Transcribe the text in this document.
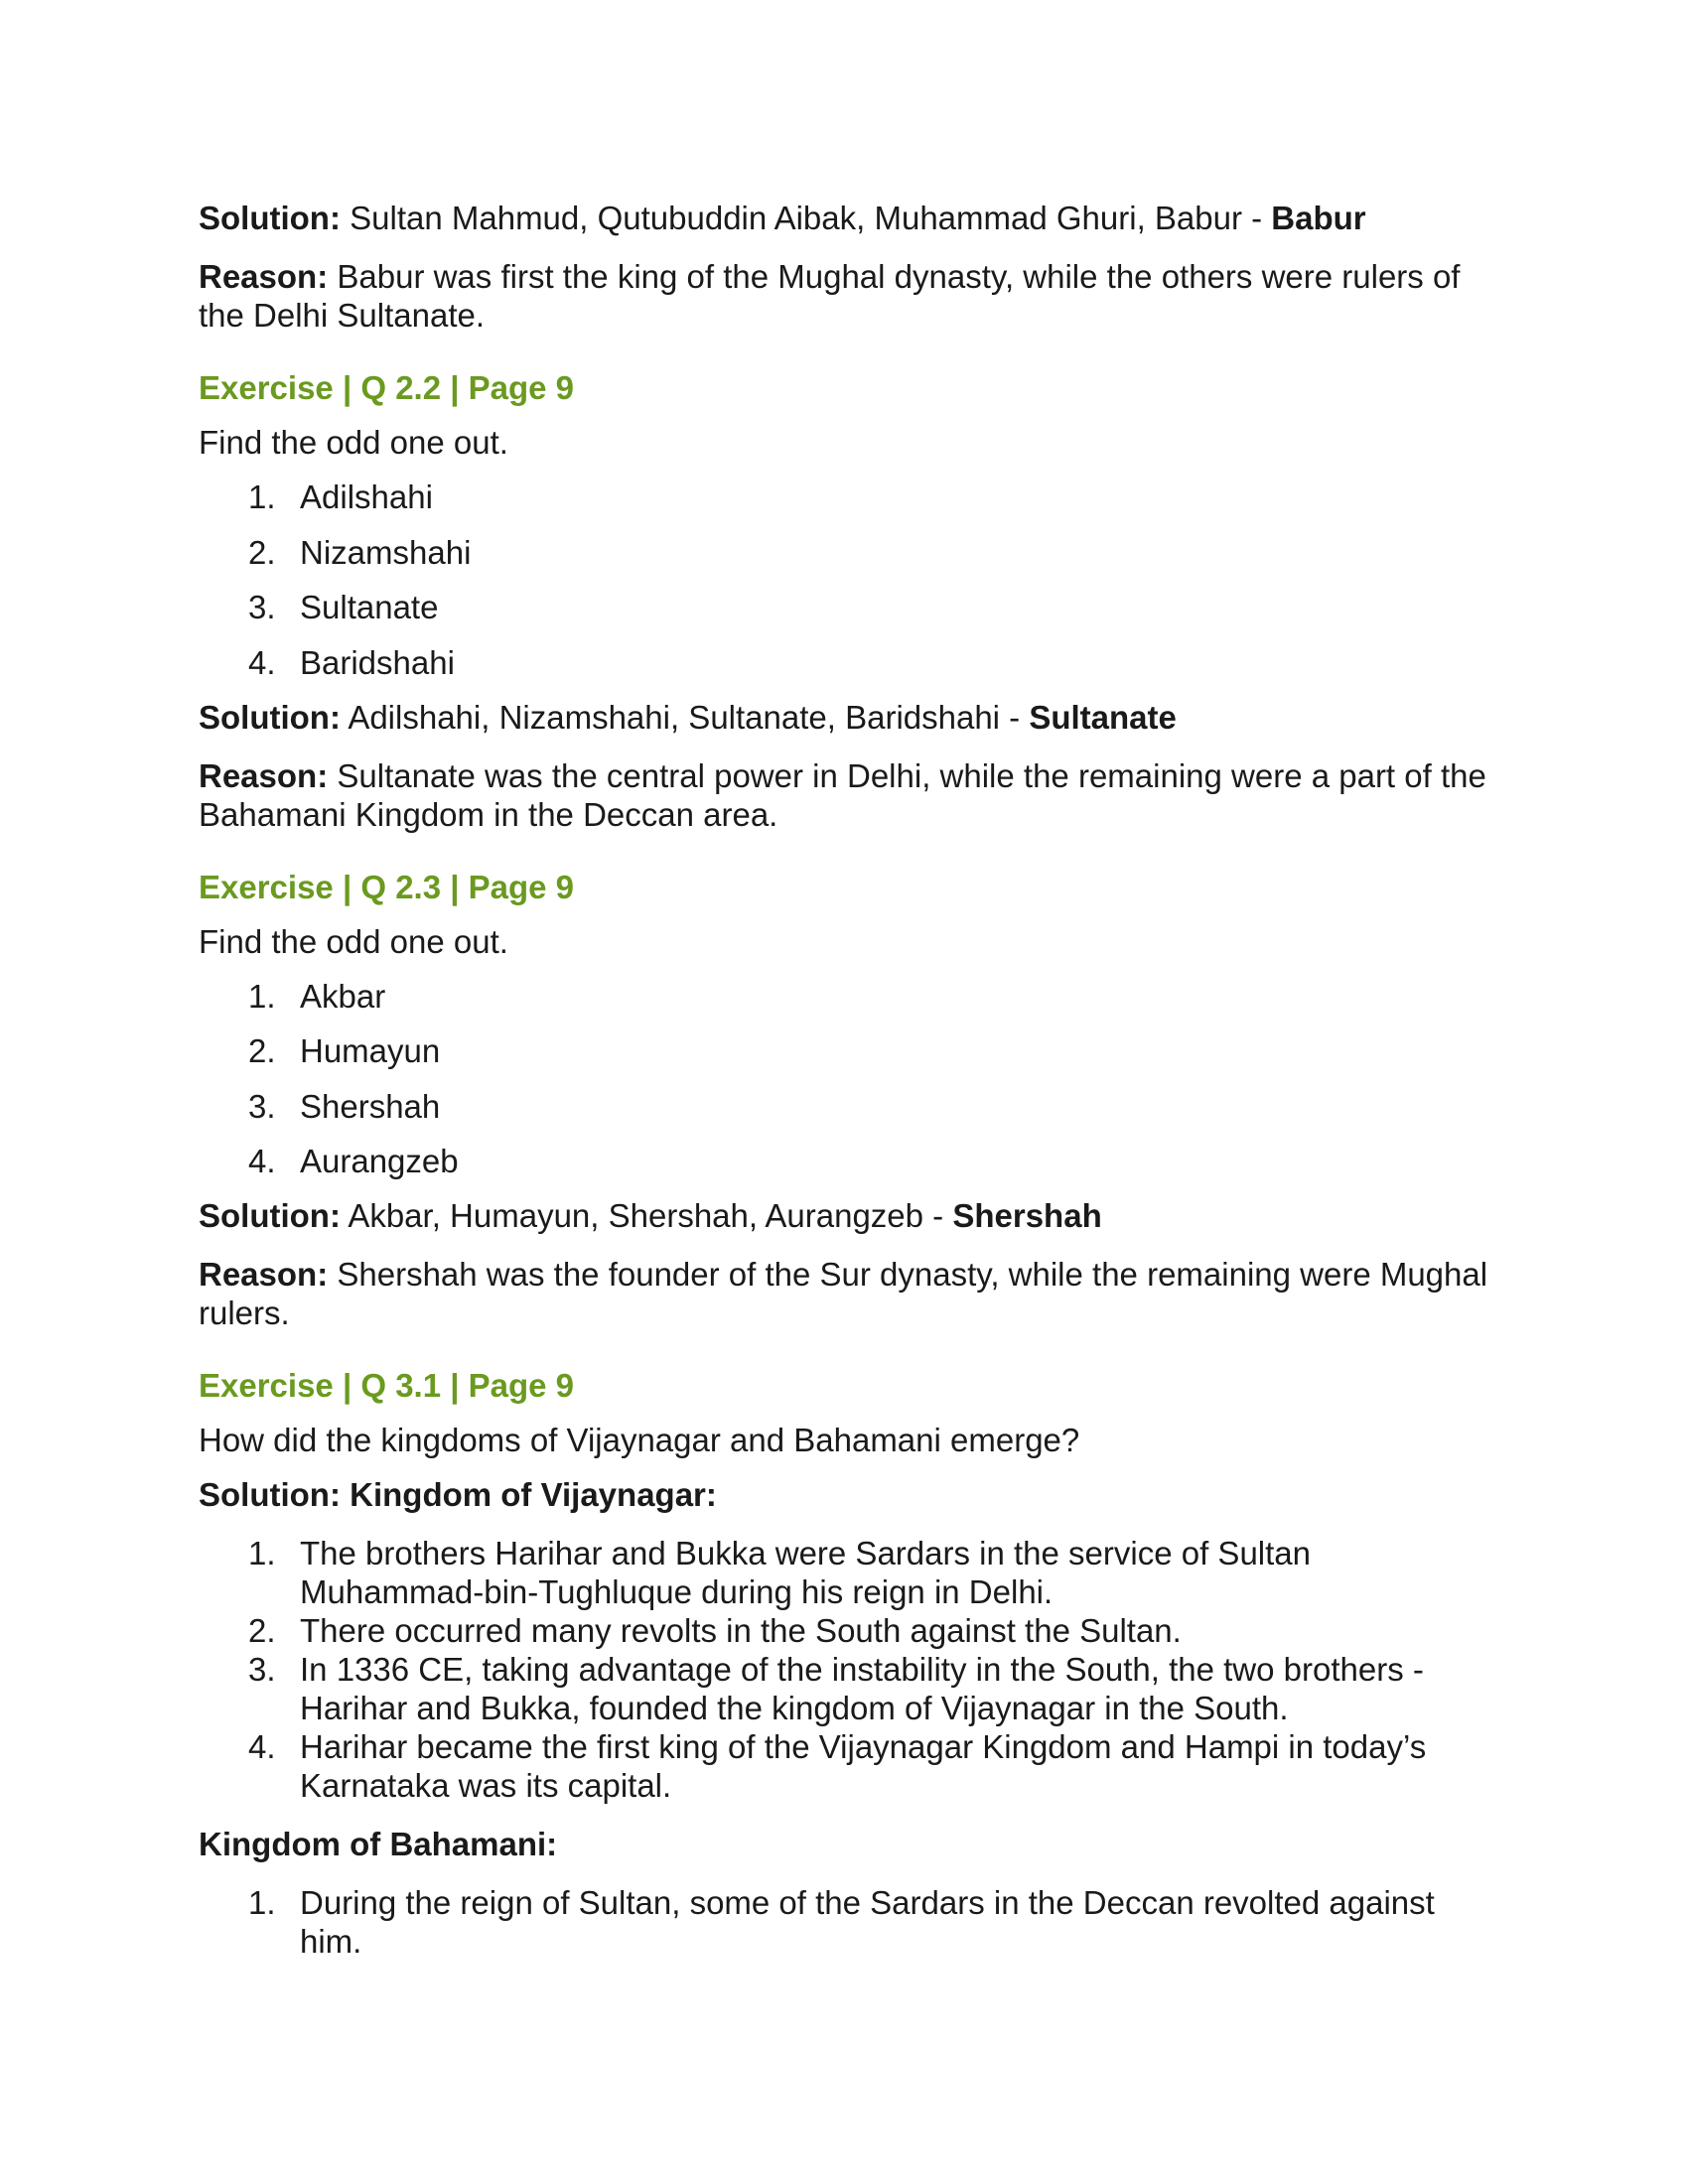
Solution: Sultan Mahmud, Qutubuddin Aibak, Muhammad Ghuri, Babur - Babur

Reason: Babur was first the king of the Mughal dynasty, while the others were rulers of the Delhi Sultanate.

Exercise | Q 2.2 | Page 9
Find the odd one out.
1. Adilshahi
2. Nizamshahi
3. Sultanate
4. Baridshahi

Solution: Adilshahi, Nizamshahi, Sultanate, Baridshahi - Sultanate

Reason: Sultanate was the central power in Delhi, while the remaining were a part of the Bahamani Kingdom in the Deccan area.

Exercise | Q 2.3 | Page 9
Find the odd one out.
1. Akbar
2. Humayun
3. Shershah
4. Aurangzeb

Solution: Akbar, Humayun, Shershah, Aurangzeb - Shershah

Reason: Shershah was the founder of the Sur dynasty, while the remaining were Mughal rulers.

Exercise | Q 3.1 | Page 9
How did the kingdoms of Vijaynagar and Bahamani emerge?
Solution: Kingdom of Vijaynagar:
1. The brothers Harihar and Bukka were Sardars in the service of Sultan Muhammad-bin-Tughluque during his reign in Delhi.
2. There occurred many revolts in the South against the Sultan.
3. In 1336 CE, taking advantage of the instability in the South, the two brothers - Harihar and Bukka, founded the kingdom of Vijaynagar in the South.
4. Harihar became the first king of the Vijaynagar Kingdom and Hampi in today’s Karnataka was its capital.
Kingdom of Bahamani:
1. During the reign of Sultan, some of the Sardars in the Deccan revolted against him.
